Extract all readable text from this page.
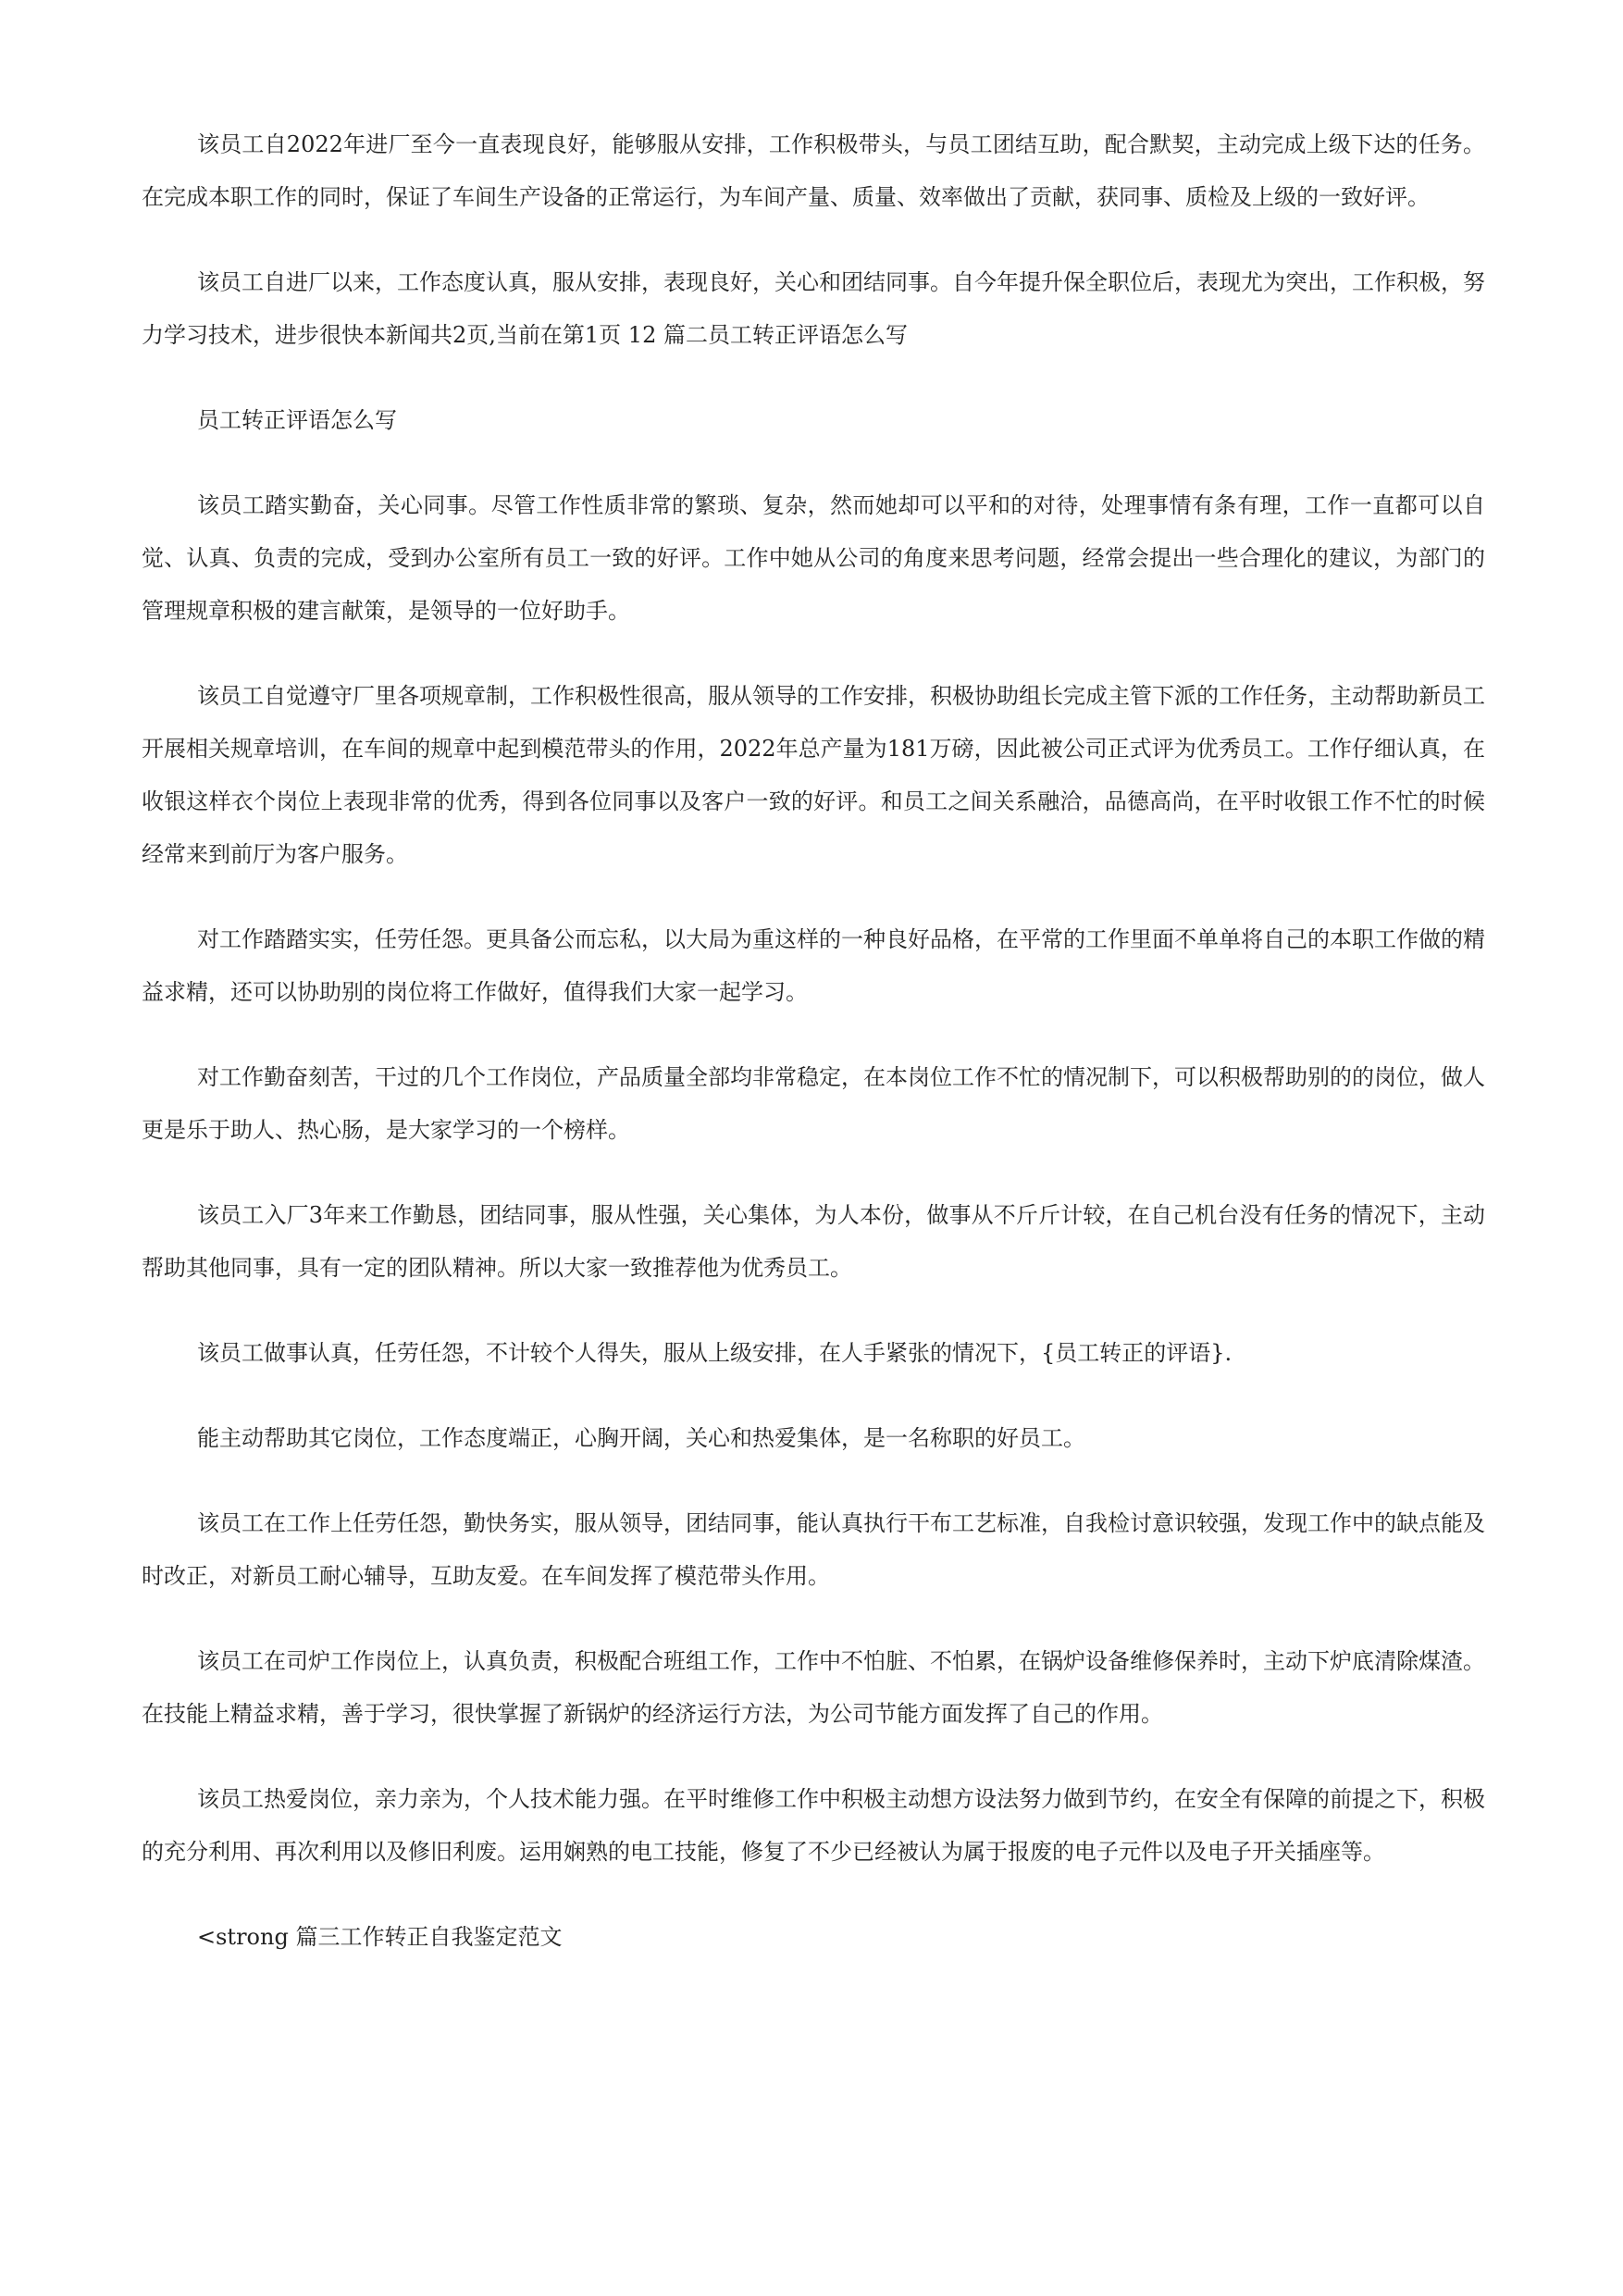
该员工自2022年进厂至今一直表现良好，能够服从安排，工作积极带头，与员工团结互助，配合默契，主动完成上级下达的任务。在完成本职工作的同时，保证了车间生产设备的正常运行，为车间产量、质量、效率做出了贡献，获同事、质检及上级的一致好评。

该员工自进厂以来，工作态度认真，服从安排，表现良好，关心和团结同事。自今年提升保全职位后，表现尤为突出，工作积极，努力学习技术，进步很快本新闻共2页,当前在第1页 12 篇二员工转正评语怎么写

员工转正评语怎么写

该员工踏实勤奋，关心同事。尽管工作性质非常的繁琐、复杂，然而她却可以平和的对待，处理事情有条有理，工作一直都可以自觉、认真、负责的完成，受到办公室所有员工一致的好评。工作中她从公司的角度来思考问题，经常会提出一些合理化的建议，为部门的管理规章积极的建言献策，是领导的一位好助手。

该员工自觉遵守厂里各项规章制，工作积极性很高，服从领导的工作安排，积极协助组长完成主管下派的工作任务，主动帮助新员工开展相关规章培训，在车间的规章中起到模范带头的作用，2022年总产量为181万磅，因此被公司正式评为优秀员工。工作仔细认真，在收银这样衣个岗位上表现非常的优秀，得到各位同事以及客户一致的好评。和员工之间关系融洽，品德高尚，在平时收银工作不忙的时候经常来到前厅为客户服务。

对工作踏踏实实，任劳任怨。更具备公而忘私，以大局为重这样的一种良好品格，在平常的工作里面不单单将自己的本职工作做的精益求精，还可以协助别的岗位将工作做好，值得我们大家一起学习。

对工作勤奋刻苦，干过的几个工作岗位，产品质量全部均非常稳定，在本岗位工作不忙的情况制下，可以积极帮助别的的岗位，做人更是乐于助人、热心肠，是大家学习的一个榜样。

该员工入厂3年来工作勤恳，团结同事，服从性强，关心集体，为人本份，做事从不斤斤计较，在自己机台没有任务的情况下，主动帮助其他同事，具有一定的团队精神。所以大家一致推荐他为优秀员工。

该员工做事认真，任劳任怨，不计较个人得失，服从上级安排，在人手紧张的情况下，{员工转正的评语}.

能主动帮助其它岗位，工作态度端正，心胸开阔，关心和热爱集体，是一名称职的好员工。

该员工在工作上任劳任怨，勤快务实，服从领导，团结同事，能认真执行干布工艺标准，自我检讨意识较强，发现工作中的缺点能及时改正，对新员工耐心辅导，互助友爱。在车间发挥了模范带头作用。

该员工在司炉工作岗位上，认真负责，积极配合班组工作，工作中不怕脏、不怕累，在锅炉设备维修保养时，主动下炉底清除煤渣。在技能上精益求精，善于学习，很快掌握了新锅炉的经济运行方法，为公司节能方面发挥了自己的作用。

该员工热爱岗位，亲力亲为，个人技术能力强。在平时维修工作中积极主动想方设法努力做到节约，在安全有保障的前提之下，积极的充分利用、再次利用以及修旧利废。运用娴熟的电工技能，修复了不少已经被认为属于报废的电子元件以及电子开关插座等。

<strong 篇三工作转正自我鉴定范文
